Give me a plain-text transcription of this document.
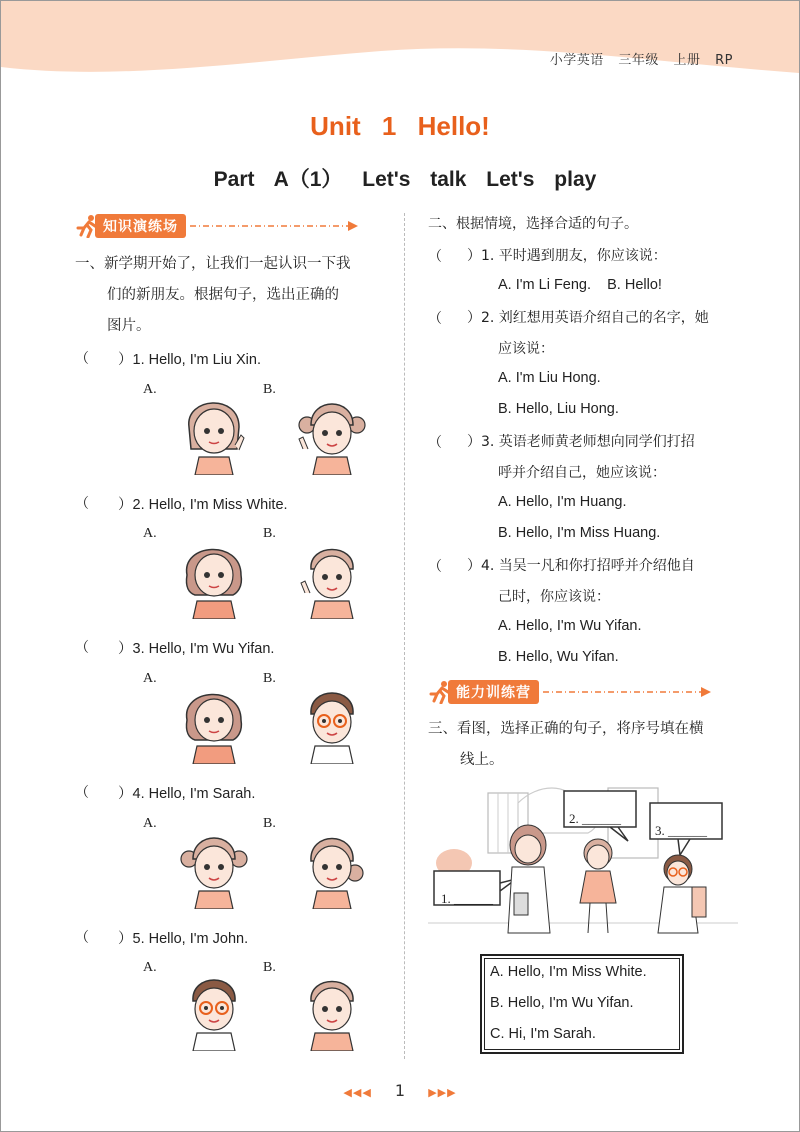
小学英语 三年级 上册 RP
Unit 1 Hello!
Part A（1） Let's talk Let's play
知识演练场
一、新学期开始了，让我们一起认识一下我
们的新朋友。根据句子，选出正确的
图片。
（ ）1. Hello, I'm Liu Xin.
A.	B.
（ ）2. Hello, I'm Miss White.
A.	B.
（ ）3. Hello, I'm Wu Yifan.
A.	B.
（ ）4. Hello, I'm Sarah.
A.	B.
（ ）5. Hello, I'm John.
A.	B.
二、根据情境，选择合适的句子。
（ ）1. 平时遇到朋友，你应该说：
A. I'm Li Feng.    B. Hello!
（ ）2. 刘红想用英语介绍自己的名字，她
应该说：
A. I'm Liu Hong.
B. Hello, Liu Hong.
（ ）3. 英语老师黄老师想向同学们打招
呼并介绍自己，她应该说：
A. Hello, I'm Huang.
B. Hello, I'm Miss Huang.
（ ）4. 当吴一凡和你打招呼并介绍他自
己时，你应该说：
A. Hello, I'm Wu Yifan.
B. Hello, Wu Yifan.
能力训练营
三、看图，选择正确的句子，将序号填在横
线上。
1. ______
2. ______
3. ______
A. Hello, I'm Miss White.
B. Hello, I'm Wu Yifan.
C. Hi, I'm Sarah.
◀◀◀ 1 ▶▶▶
